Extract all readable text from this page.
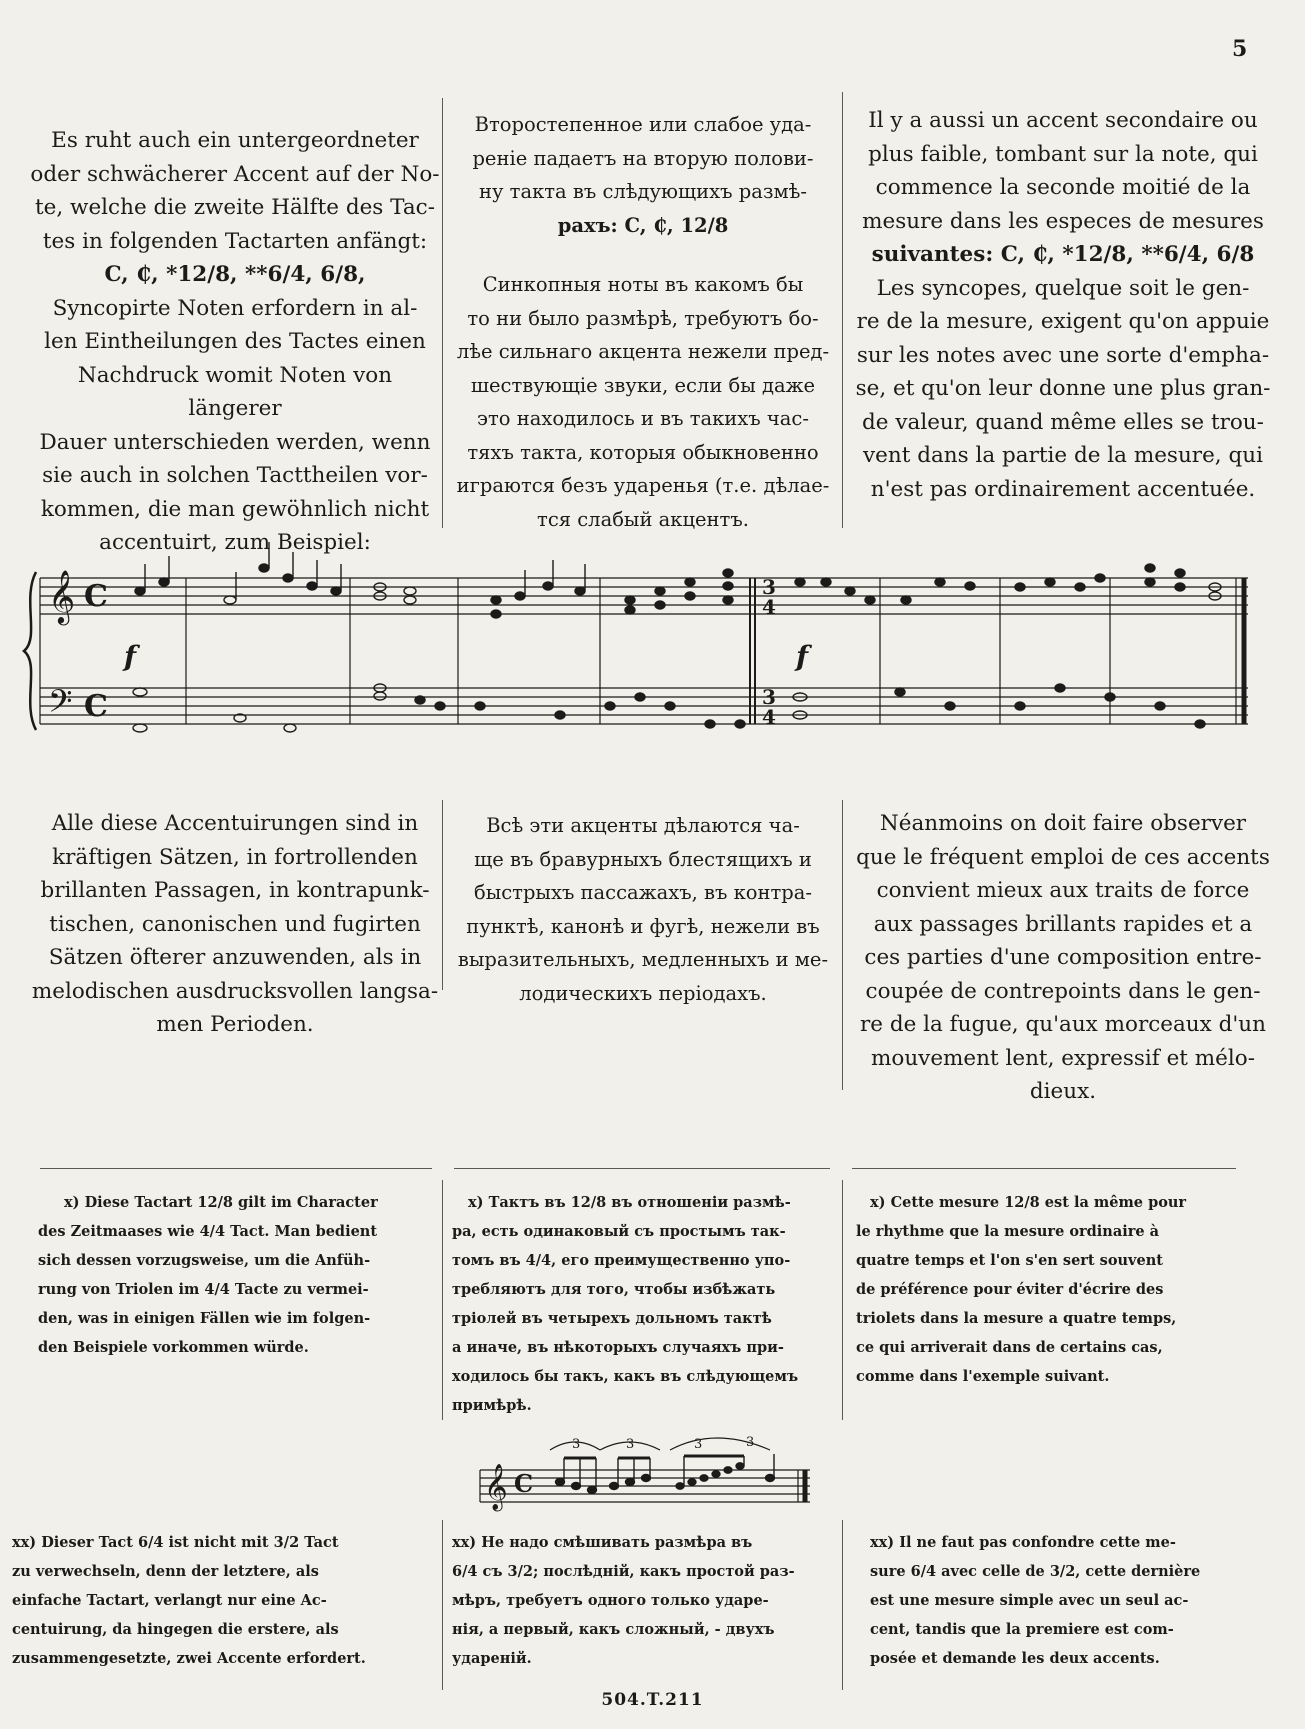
5

Es ruht auch ein untergeordneter

oder schwächerer Accent auf der No-

te, welche die zweite Hälfte des Tac-

tes in folgenden Tactarten anfängt:

C, ₵, *12/8, **6/4, 6/8,

Syncopirte Noten erfordern in al-

len Eintheilungen des Tactes einen

Nachdruck womit Noten von längerer

Dauer unterschieden werden, wenn

sie auch in solchen Tacttheilen vor-

kommen, die man gewöhnlich nicht

accentuirt, zum Beispiel:

Второстепенное или слабое уда-

реніе падаетъ на вторую полови-

ну такта въ слѣдующихъ размѣ-

рахъ: C, ₵, 12/8

Синкопныя ноты въ какомъ бы

то ни было размѣрѣ, требуютъ бо-

лѣе сильнаго акцента нежели пред-

шествующіе звуки, если бы даже

это находилось и въ такихъ час-

тяхъ такта, которыя обыкновенно

играются безъ ударенья (т.е. дѣлае-

тся слабый акцентъ.

Il y a aussi un accent secondaire ou

plus faible, tombant sur la note, qui

commence la seconde moitié de la

mesure dans les especes de mesures

suivantes: C, ₵, *12/8, **6/4, 6/8

Les syncopes, quelque soit le gen-

re de la mesure, exigent qu'on appuie

sur les notes avec une sorte d'empha-

se, et qu'on leur donne une plus gran-

de valeur, quand même elles se trou-

vent dans la partie de la mesure, qui

n'est pas ordinairement accentuée.

𝄞
𝄢
C
C
3
4
3
4
f	f

Alle diese Accentuirungen sind in

kräftigen Sätzen, in fortrollenden

brillanten Passagen, in kontrapunk-

tischen, canonischen und fugirten

Sätzen öfterer anzuwenden, als in

melodischen ausdrucksvollen langsa-

men Perioden.

Всѣ эти акценты дѣлаются ча-

ще въ бравурныхъ блестящихъ и

быстрыхъ пассажахъ, въ контра-

пунктѣ, канонѣ и фугѣ, нежели въ

выразительныхъ, медленныхъ и ме-

лодическихъ періодахъ.

Néanmoins on doit faire observer

que le fréquent emploi de ces accents

convient mieux aux traits de force

aux passages brillants rapides et a

ces parties d'une composition entre-

coupée de contrepoints dans le gen-

re de la fugue, qu'aux morceaux d'un

mouvement lent, expressif et mélo-

dieux.

x) Diese Tactart 12/8 gilt im Character

des Zeitmaases wie 4/4 Tact. Man bedient

sich dessen vorzugsweise, um die Anfüh-

rung von Triolen im 4/4 Tacte zu vermei-

den, was in einigen Fällen wie im folgen-

den Beispiele vorkommen würde.

x) Тактъ въ 12/8 въ отношеніи размѣ-

ра, есть одинаковый съ простымъ так-

томъ въ 4/4, его преимущественно упо-

требляютъ для того, чтобы избѣжать

тріолей въ четырехъ дольномъ тактѣ

а иначе, въ нѣкоторыхъ случаяхъ при-

ходилось бы такъ, какъ въ слѣдующемъ

примѣрѣ.

x) Cette mesure 12/8 est la même pour

le rhythme que la mesure ordinaire à

quatre temps et l'on s'en sert souvent

de préférence pour éviter d'écrire des

triolets dans la mesure a quatre temps,

ce qui arriverait dans de certains cas,

comme dans l'exemple suivant.

𝄞 C
3	3	3	3

xx) Dieser Tact 6/4 ist nicht mit 3/2 Tact

zu verwechseln, denn der letztere, als

einfache Tactart, verlangt nur eine Ac-

centuirung, da hingegen die erstere, als

zusammengesetzte, zwei Accente erfordert.

xx) Не надо смѣшивать размѣра въ

6/4 съ 3/2; послѣдній, какъ простой раз-

мѣръ, требуетъ одного только ударе-

нія, а первый, какъ сложный, - двухъ

удареній.

xx) Il ne faut pas confondre cette me-

sure 6/4 avec celle de 3/2, cette dernière

est une mesure simple avec un seul ac-

cent, tandis que la premiere est com-

posée et demande les deux accents.

504.T.211
